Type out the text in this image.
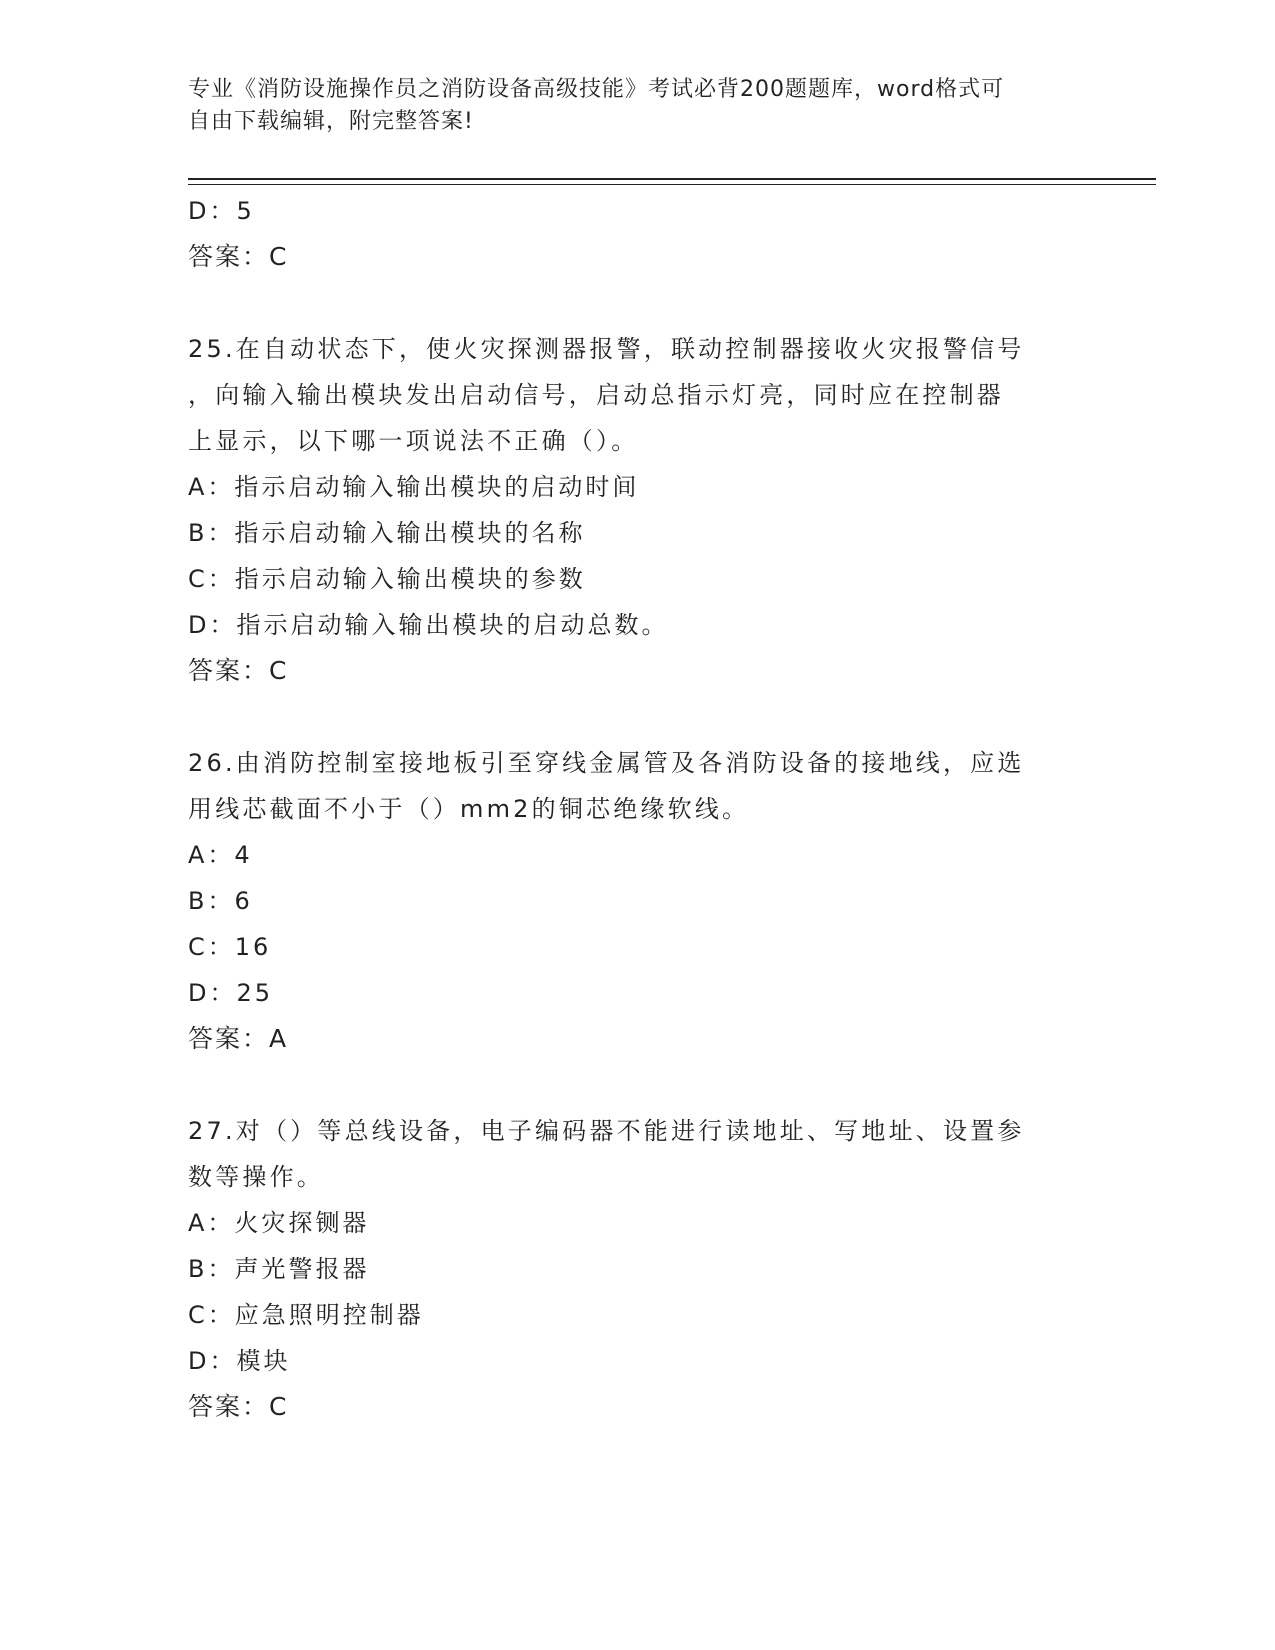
专业《消防设施操作员之消防设备高级技能》考试必背200题题库，word格式可
自由下载编辑，附完整答案!
D：5
答案：C
25.在自动状态下，使火灾探测器报警，联动控制器接收火灾报警信号
，向输入输出模块发出启动信号，启动总指示灯亮，同时应在控制器
上显示，以下哪一项说法不正确（）。
A：指示启动输入输出模块的启动时间
B：指示启动输入输出模块的名称
C：指示启动输入输出模块的参数
D：指示启动输入输出模块的启动总数。
答案：C
26.由消防控制室接地板引至穿线金属管及各消防设备的接地线，应选
用线芯截面不小于（）mm2的铜芯绝缘软线。
A：4
B：6
C：16
D：25
答案：A
27.对（）等总线设备，电子编码器不能进行读地址、写地址、设置参
数等操作。
A：火灾探铡器
B：声光警报器
C：应急照明控制器
D：模块
答案：C
